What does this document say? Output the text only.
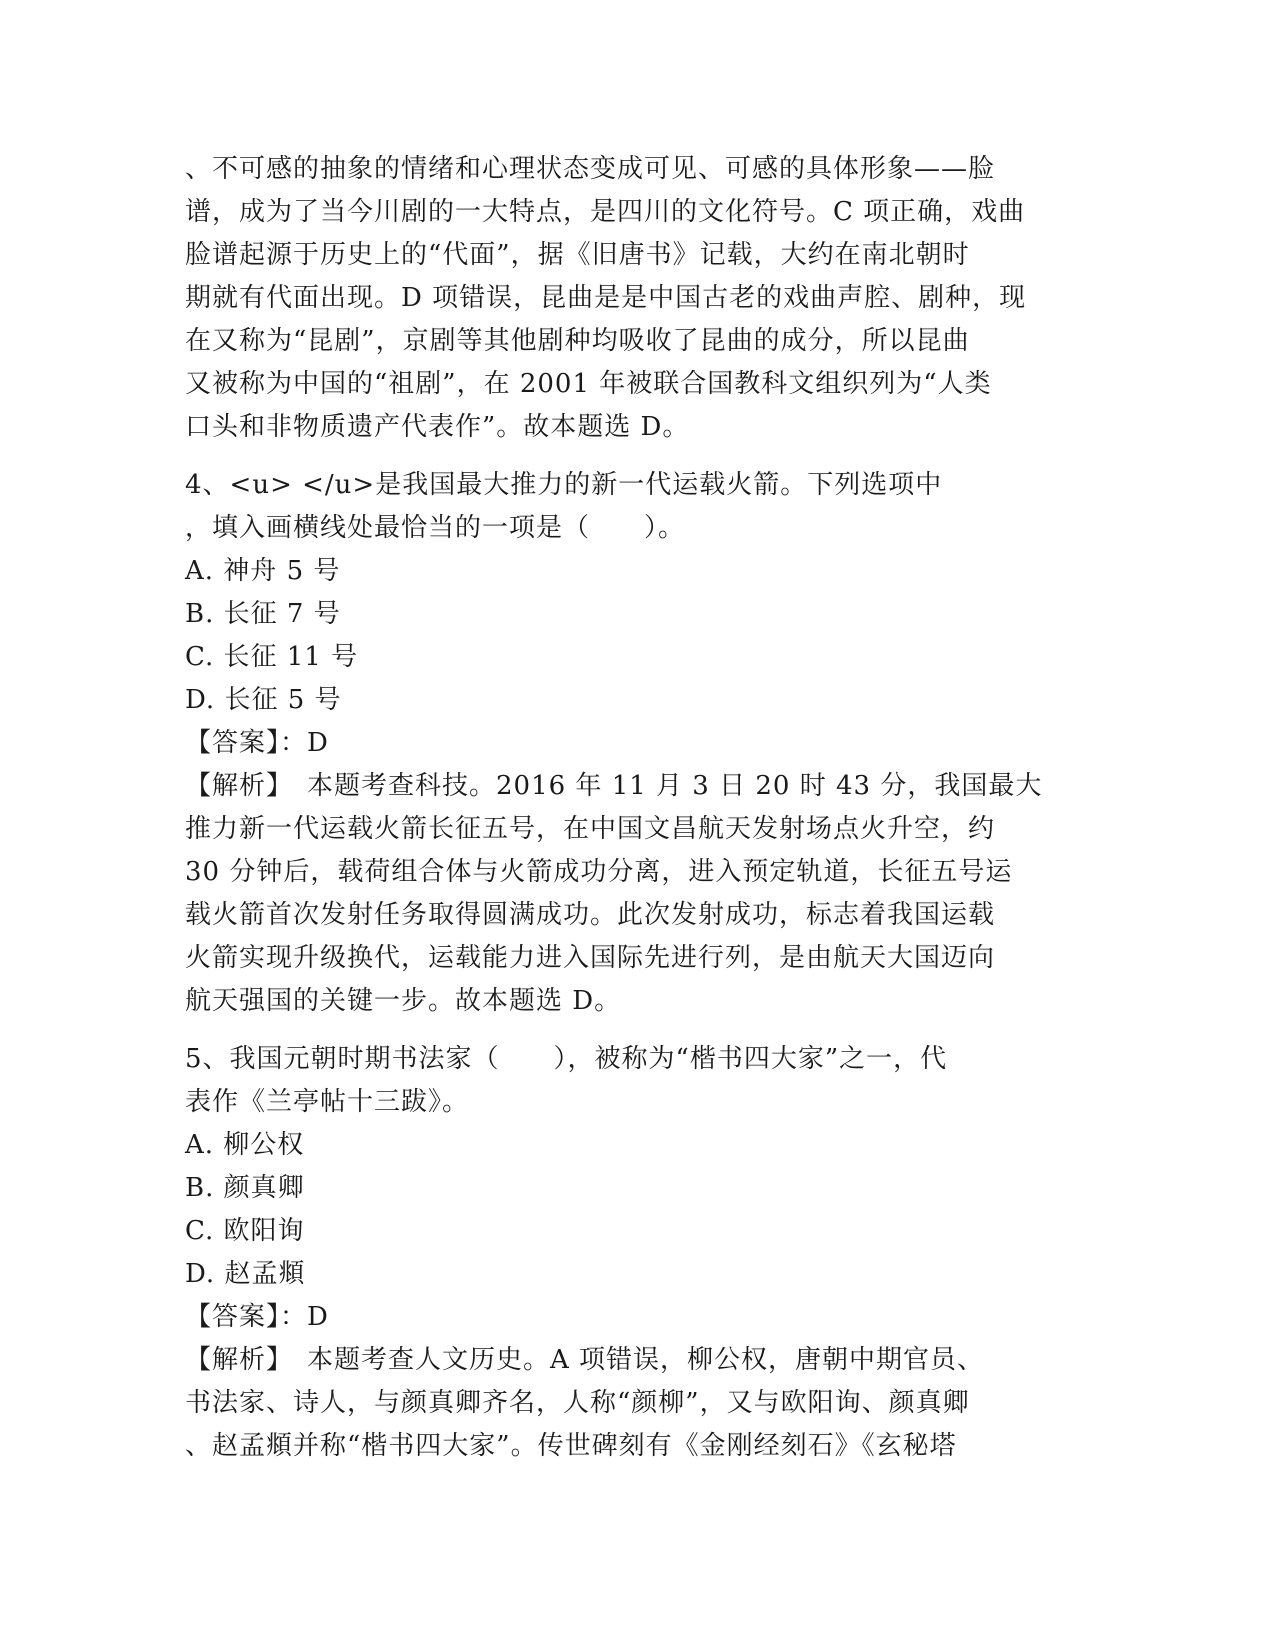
、不可感的抽象的情绪和心理状态变成可见、可感的具体形象——脸
谱，成为了当今川剧的一大特点，是四川的文化符号。C 项正确，戏曲
脸谱起源于历史上的“代面”，据《旧唐书》记载，大约在南北朝时
期就有代面出现。D 项错误，昆曲是是中国古老的戏曲声腔、剧种，现
在又称为“昆剧”，京剧等其他剧种均吸收了昆曲的成分，所以昆曲
又被称为中国的“祖剧”，在 2001 年被联合国教科文组织列为“人类
口头和非物质遗产代表作”。故本题选 D。
4、<u> </u>是我国最大推力的新一代运载火箭。下列选项中
，填入画横线处最恰当的一项是（　　）。
A. 神舟 5 号
B. 长征 7 号
C. 长征 11 号
D. 长征 5 号
【答案】：D
【解析】　本题考查科技。2016 年 11 月 3 日 20 时 43 分，我国最大
推力新一代运载火箭长征五号，在中国文昌航天发射场点火升空，约
30 分钟后，载荷组合体与火箭成功分离，进入预定轨道，长征五号运
载火箭首次发射任务取得圆满成功。此次发射成功，标志着我国运载
火箭实现升级换代，运载能力进入国际先进行列，是由航天大国迈向
航天强国的关键一步。故本题选 D。
5、我国元朝时期书法家（　　），被称为“楷书四大家”之一，代
表作《兰亭帖十三跋》。
A. 柳公权
B. 颜真卿
C. 欧阳询
D. 赵孟頫
【答案】：D
【解析】　本题考查人文历史。A 项错误，柳公权，唐朝中期官员、
书法家、诗人，与颜真卿齐名，人称“颜柳”，又与欧阳询、颜真卿
、赵孟頫并称“楷书四大家”。传世碑刻有《金刚经刻石》《玄秘塔
